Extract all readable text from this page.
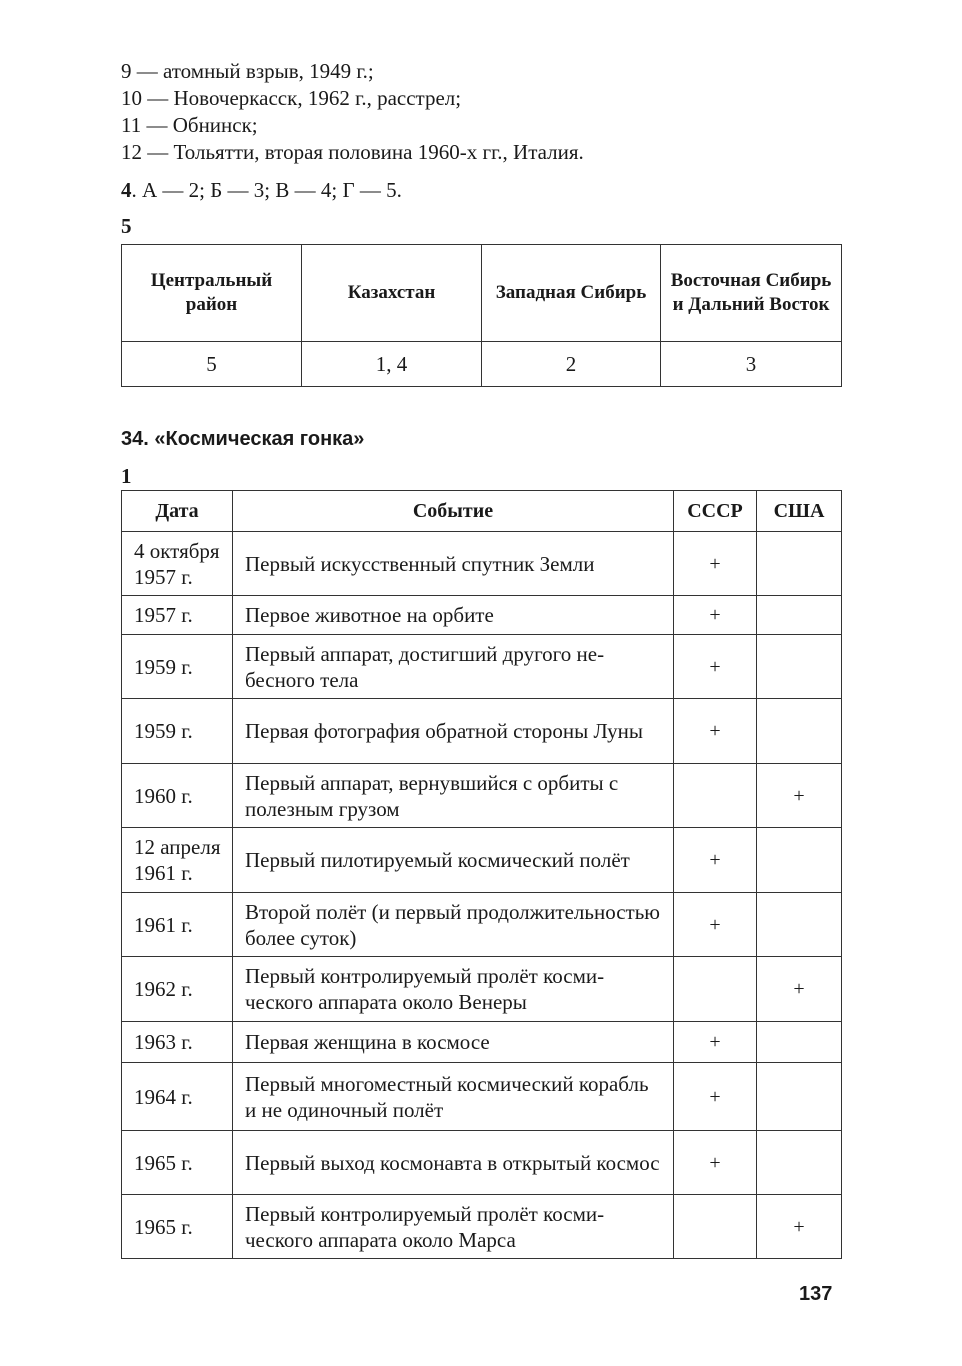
9 — атомный взрыв, 1949 г.;
10 — Новочеркасск, 1962 г., расстрел;
11 — Обнинск;
12 — Тольятти, вторая половина 1960-х гг., Италия.
4. А — 2; Б — 3; В — 4; Г — 5.
5
Центральный район	Казахстан	Западная Сибирь	Восточная Сибирь и Дальний Восток
5	1, 4	2	3
34. «Космическая гонка»
1
Дата	Событие	СССР	США
4 октября 1957 г.	Первый искусственный спутник Земли	+	
1957 г.	Первое животное на орбите	+	
1959 г.	Первый аппарат, достигший другого небесного тела	+	
1959 г.	Первая фотография обратной стороны Луны	+	
1960 г.	Первый аппарат, вернувшийся с орбиты с полезным грузом		+
12 апреля 1961 г.	Первый пилотируемый космический полёт	+	
1961 г.	Второй полёт (и первый продолжительностью более суток)	+	
1962 г.	Первый контролируемый пролёт космического аппарата около Венеры		+
1963 г.	Первая женщина в космосе	+	
1964 г.	Первый многоместный космический корабль и не одиночный полёт	+	
1965 г.	Первый выход космонавта в открытый космос	+	
1965 г.	Первый контролируемый пролёт космического аппарата около Марса		+
137
